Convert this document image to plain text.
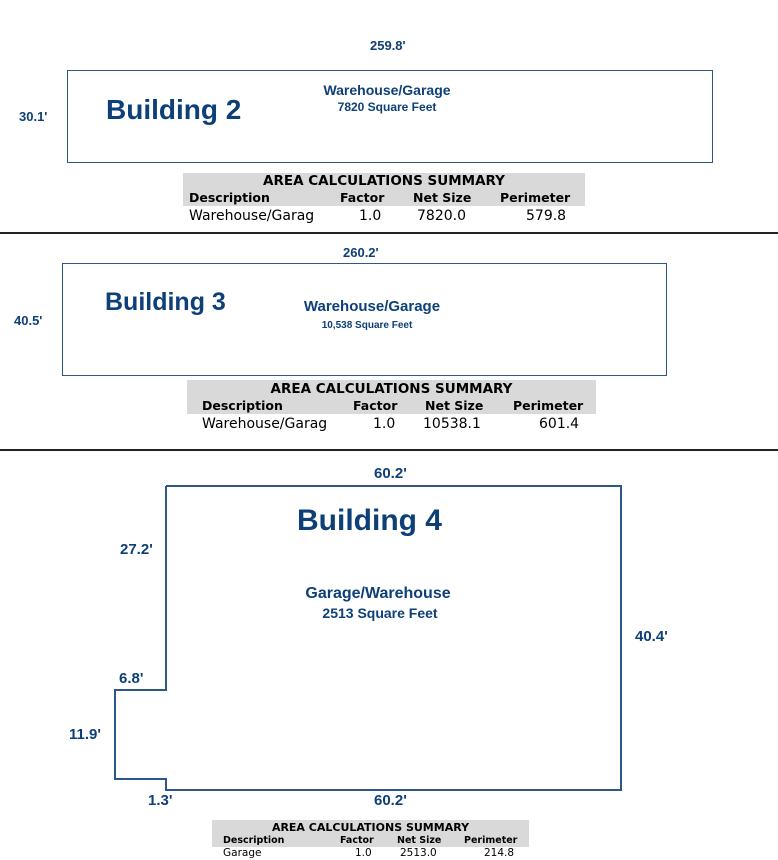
259.8'
30.1' Building 2
Warehouse/Garage
7820 Square Feet
AREA CALCULATIONS SUMMARY
Description	Factor Net Size Perimeter
Warehouse/Garag	1.0	7820.0	579.8
260.2'
40.5'
Building 3	Warehouse/Garage
10,538 Square Feet
AREA CALCULATIONS SUMMARY
Description	Factor Net Size Perimeter
Warehouse/Garag	1.0 10538.1	601.4
60.2'
27.2'
40.4'
6.8'
11.9'
1.3'	60.2'
Building 4
Garage/Warehouse
2513 Square Feet
AREA CALCULATIONS SUMMARY
Description	Factor Net Size Perimeter
Garage	1.0	2513.0	214.8
